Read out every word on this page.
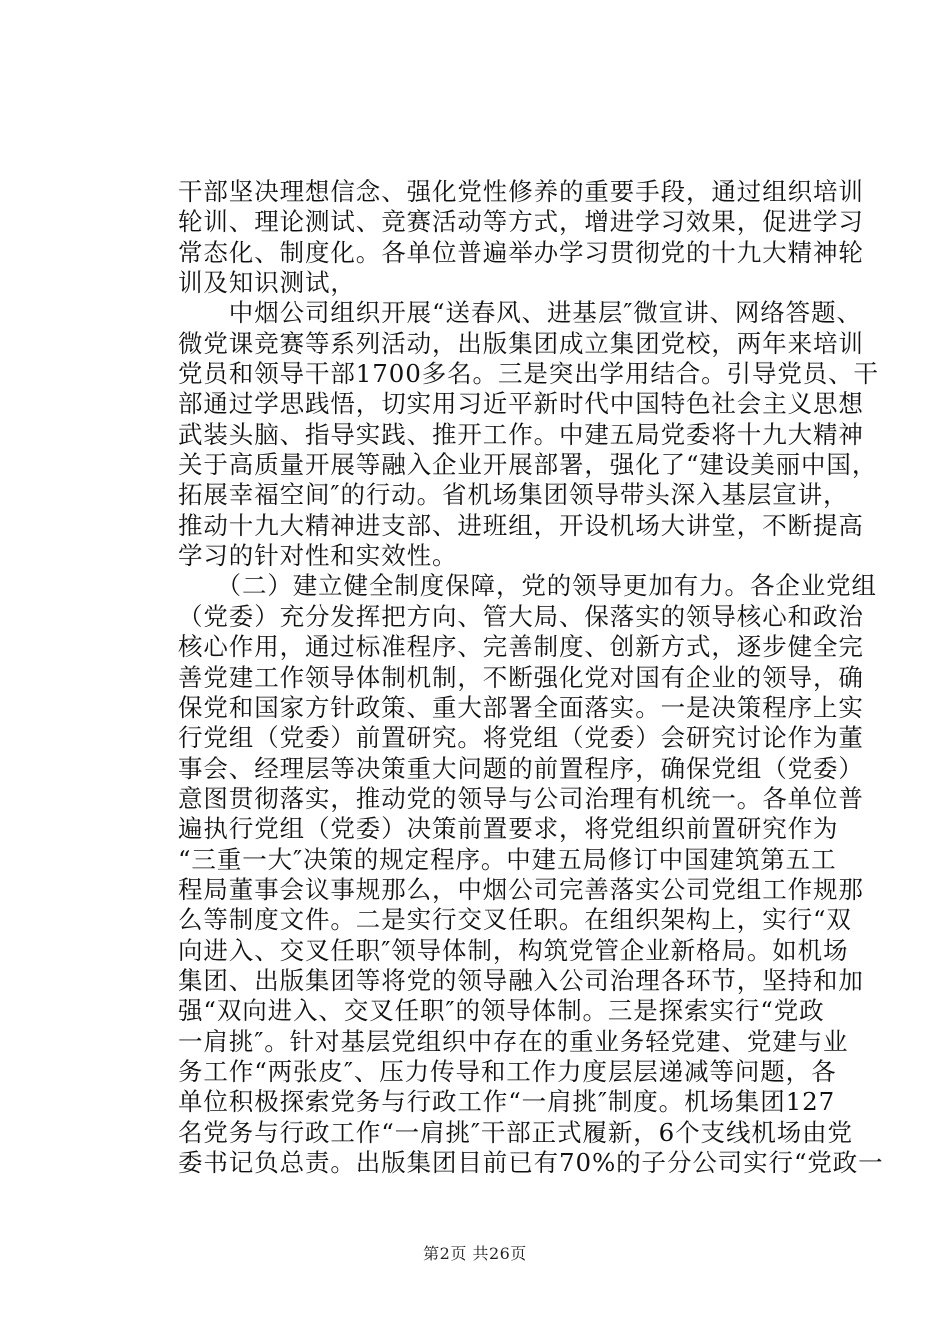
干部坚决理想信念、强化党性修养的重要手段，通过组织培训
轮训、理论测试、竞赛活动等方式，增进学习效果，促进学习
常态化、制度化。各单位普遍举办学习贯彻党的十九大精神轮
训及知识测试，
　　中烟公司组织开展“送春风、进基层″微宣讲、网络答题、
微党课竞赛等系列活动，出版集团成立集团党校，两年来培训
党员和领导干部1700多名。三是突出学用结合。引导党员、干
部通过学思践悟，切实用习近平新时代中国特色社会主义思想
武装头脑、指导实践、推开工作。中建五局党委将十九大精神
关于高质量开展等融入企业开展部署，强化了“建设美丽中国，
拓展幸福空间″的行动。省机场集团领导带头深入基层宣讲，
推动十九大精神进支部、进班组，开设机场大讲堂，不断提高
学习的针对性和实效性。
　　（二）建立健全制度保障，党的领导更加有力。各企业党组
（党委）充分发挥把方向、管大局、保落实的领导核心和政治
核心作用，通过标准程序、完善制度、创新方式，逐步健全完
善党建工作领导体制机制，不断强化党对国有企业的领导，确
保党和国家方针政策、重大部署全面落实。一是决策程序上实
行党组（党委）前置研究。将党组（党委）会研究讨论作为董
事会、经理层等决策重大问题的前置程序，确保党组（党委）
意图贯彻落实，推动党的领导与公司治理有机统一。各单位普
遍执行党组（党委）决策前置要求，将党组织前置研究作为
“三重一大″决策的规定程序。中建五局修订中国建筑第五工
程局董事会议事规那么，中烟公司完善落实公司党组工作规那
么等制度文件。二是实行交叉任职。在组织架构上，实行“双
向进入、交叉任职″领导体制，构筑党管企业新格局。如机场
集团、出版集团等将党的领导融入公司治理各环节，坚持和加
强“双向进入、交叉任职″的领导体制。三是探索实行“党政
一肩挑″。针对基层党组织中存在的重业务轻党建、党建与业
务工作“两张皮″、压力传导和工作力度层层递减等问题，各
单位积极探索党务与行政工作“一肩挑″制度。机场集团127
名党务与行政工作“一肩挑″干部正式履新，6个支线机场由党
委书记负总责。出版集团目前已有70%的子分公司实行“党政一
第2页 共26页
